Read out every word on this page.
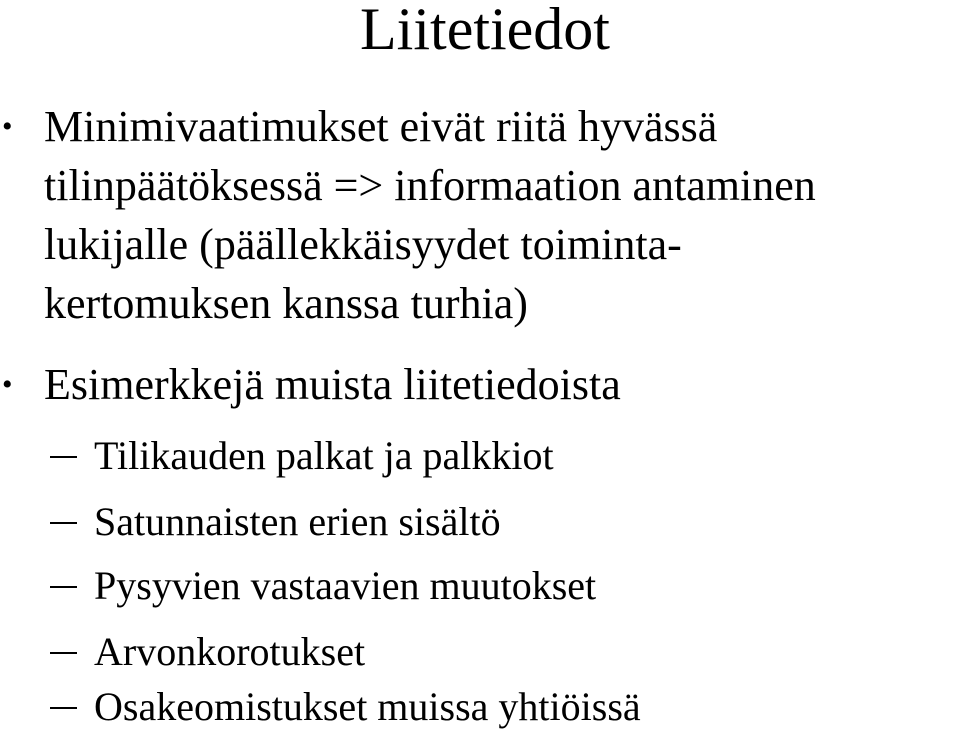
Liitetiedot
• Minimivaatimukset eivät riitä hyvässä
tilinpäätöksessä => informaation antaminen
lukijalle (päällekkäisyydet toiminta-
kertomuksen kanssa turhia)
• Esimerkkejä muista liitetiedoista
Tilikauden palkat ja palkkiot
Satunnaisten erien sisältö
Pysyvien vastaavien muutokset
Arvonkorotukset
Osakeomistukset muissa yhtiöissä
